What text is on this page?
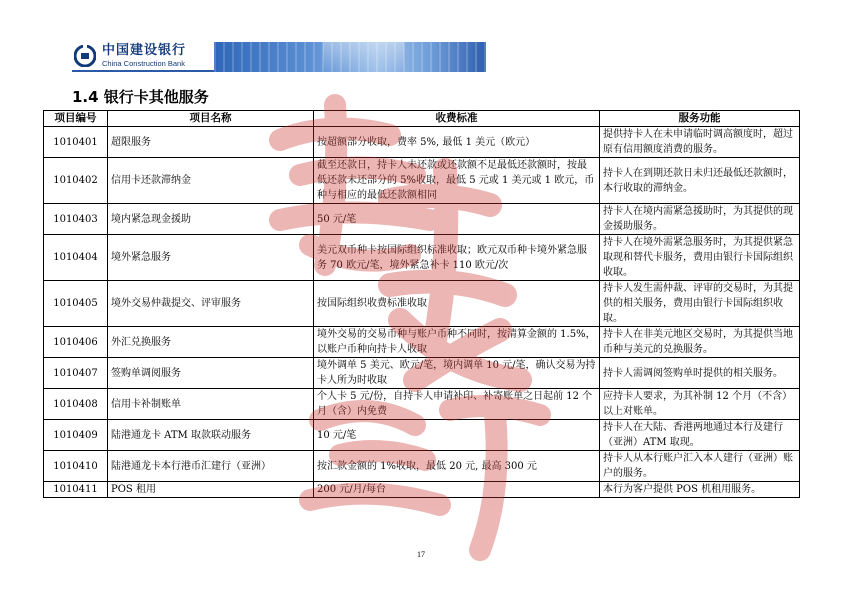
中国建设银行
China Construction Bank
1.4 银行卡其他服务
项目编号	项目名称	收费标准	服务功能
1010401	超限服务	按超额部分收取，费率 5%, 最低 1 美元（欧元）	提供持卡人在未申请临时调高额度时，超过原有信用额度消费的服务。
1010402	信用卡还款滞纳金	截至还款日，持卡人未还款或还款额不足最低还款额时，按最低还款未还部分的 5%收取，最低 5 元或 1 美元或 1 欧元，币种与相应的最低还款额相同	持卡人在到期还款日未归还最低还款额时，本行收取的滞纳金。
1010403	境内紧急现金援助	50 元/笔	持卡人在境内需紧急援助时，为其提供的现金援助服务。
1010404	境外紧急服务	美元双币种卡按国际组织标准收取；欧元双币种卡境外紧急服务 70 欧元/笔，境外紧急补卡 110 欧元/次	持卡人在境外需紧急服务时，为其提供紧急取现和替代卡服务，费用由银行卡国际组织收取。
1010405	境外交易仲裁提交、评审服务	按国际组织收费标准收取	持卡人发生需仲裁、评审的交易时，为其提供的相关服务，费用由银行卡国际组织收取。
1010406	外汇兑换服务	境外交易的交易币种与账户币种不同时，按清算金额的 1.5%，以账户币种向持卡人收取	持卡人在非美元地区交易时，为其提供当地币种与美元的兑换服务。
1010407	签购单调阅服务	境外调单 5 美元、欧元/笔，境内调单 10 元/笔，确认交易为持卡人所为时收取	持卡人需调阅签购单时提供的相关服务。
1010408	信用卡补制账单	个人卡 5 元/份，自持卡人申请补印、补寄账单之日起前 12 个月（含）内免费	应持卡人要求，为其补制 12 个月（不含）以上对账单。
1010409	陆港通龙卡 ATM 取款联动服务	10 元/笔	持卡人在大陆、香港两地通过本行及建行（亚洲）ATM 取现。
1010410	陆港通龙卡本行港币汇建行（亚洲）	按汇款金额的 1%收取，最低 20 元, 最高 300 元	持卡人从本行账户汇入本人建行（亚洲）账户的服务。
1010411	POS 租用	200 元/月/每台	本行为客户提供 POS 机租用服务。
17
